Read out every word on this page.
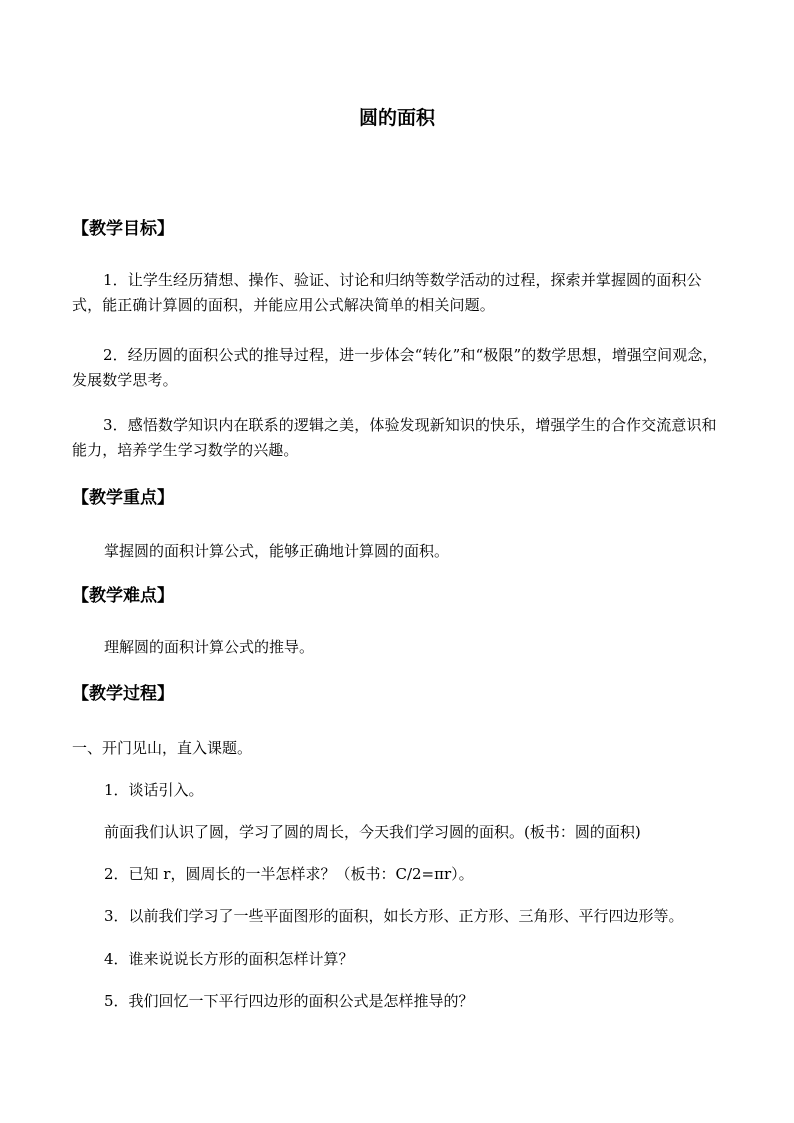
圆的面积
【教学目标】
1．让学生经历猜想、操作、验证、讨论和归纳等数学活动的过程，探索并掌握圆的面积公式，能正确计算圆的面积，并能应用公式解决简单的相关问题。
2．经历圆的面积公式的推导过程，进一步体会“转化”和“极限”的数学思想，增强空间观念，发展数学思考。
3．感悟数学知识内在联系的逻辑之美，体验发现新知识的快乐，增强学生的合作交流意识和能力，培养学生学习数学的兴趣。
【教学重点】
掌握圆的面积计算公式，能够正确地计算圆的面积。
【教学难点】
理解圆的面积计算公式的推导。
【教学过程】
一、开门见山，直入课题。
1．谈话引入。
前面我们认识了圆，学习了圆的周长，今天我们学习圆的面积。(板书：圆的面积)
2．已知 r，圆周长的一半怎样求？（板书：C/2=πr）。
3．以前我们学习了一些平面图形的面积，如长方形、正方形、三角形、平行四边形等。
4．谁来说说长方形的面积怎样计算？
5．我们回忆一下平行四边形的面积公式是怎样推导的？
